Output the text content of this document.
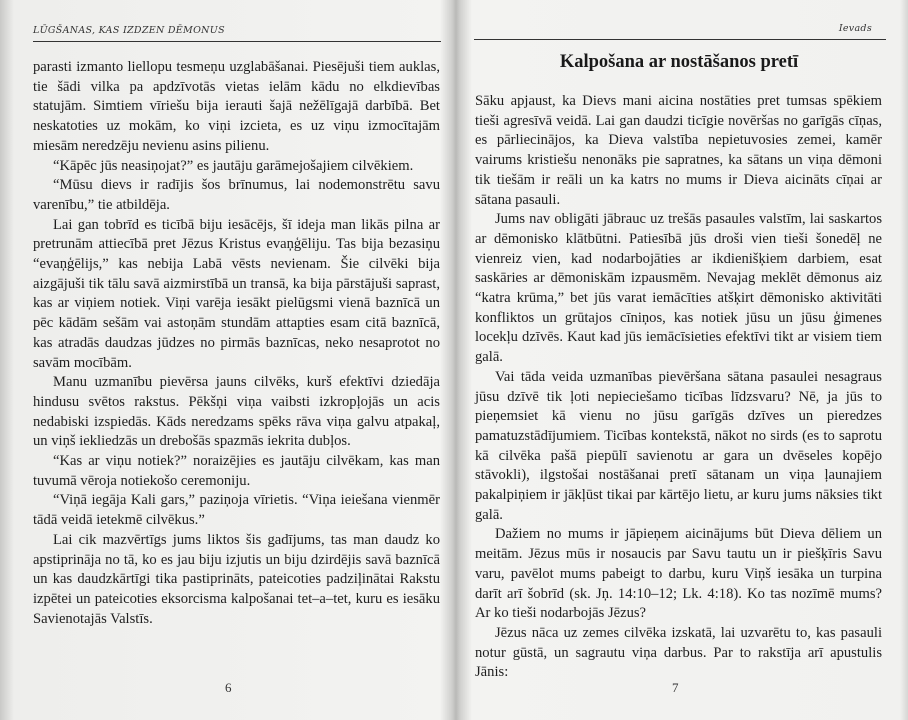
LŪGŠANAS, KAS IZDZEN DĒMONUS

parasti izmanto liellopu tesmeņu uzglabāšanai. Piesējuši tiem auklas, tie šādi vilka pa apdzīvotās vietas ielām kādu no elkdievības statujām. Simtiem vīriešu bija ierauti šajā nežēlīgajā darbībā. Bet neskatoties uz mokām, ko viņi izcieta, es uz viņu izmocītajām miesām neredzēju nevienu asins pilienu.

“Kāpēc jūs neasiņojat?” es jautāju garāmejošajiem cilvēkiem.

“Mūsu dievs ir radījis šos brīnumus, lai nodemonstrētu savu varenību,” tie atbildēja.

Lai gan tobrīd es ticībā biju iesācējs, šī ideja man likās pilna ar pretrunām attiecībā pret Jēzus Kristus evaņģēliju. Tas bija bezasiņu “evaņģēlijs,” kas nebija Labā vēsts nevienam. Šie cilvēki bija aizgājuši tik tālu savā aizmirstībā un transā, ka bija pārstājuši saprast, kas ar viņiem notiek. Viņi varēja iesākt pielūgsmi vienā baznīcā un pēc kādām sešām vai astoņām stundām attapties esam citā baznīcā, kas atradās daudzas jūdzes no pirmās baznīcas, neko nesaprotot no savām mocībām.

Manu uzmanību pievērsa jauns cilvēks, kurš efektīvi dziedāja hindusu svētos rakstus. Pēkšņi viņa vaibsti izkropļojās un acis nedabiski izspiedās. Kāds neredzams spēks rāva viņa galvu atpakaļ, un viņš iekliedzās un drebošās spazmās iekrita dubļos.

“Kas ar viņu notiek?” noraizējies es jautāju cilvēkam, kas man tuvumā vēroja notiekošo ceremoniju.

“Viņā iegāja Kali gars,” paziņoja vīrietis. “Viņa ieiešana vienmēr tādā veidā ietekmē cilvēkus.”

Lai cik mazvērtīgs jums liktos šis gadījums, tas man daudz ko apstiprināja no tā, ko es jau biju izjutis un biju dzirdējis savā baznīcā un kas daudzkārtīgi tika pastiprināts, pateicoties padziļinātai Rakstu izpētei un pateicoties eksorcisma kalpošanai tet–a–tet, kuru es iesāku Savienotajās Valstīs.

6
Ievads
Kalpošana ar nostāšanos pretī

Sāku apjaust, ka Dievs mani aicina nostāties pret tumsas spēkiem tieši agresīvā veidā. Lai gan daudzi ticīgie novēršas no garīgās cīņas, es pārliecinājos, ka Dieva valstība nepietuvosies zemei, kamēr vairums kristiešu nenonāks pie sapratnes, ka sātans un viņa dēmoni tik tiešām ir reāli un ka katrs no mums ir Dieva aicināts cīņai ar sātana pasauli.

Jums nav obligāti jābrauc uz trešās pasaules valstīm, lai saskartos ar dēmonisko klātbūtni. Patiesībā jūs droši vien tieši šonedēļ ne vienreiz vien, kad nodarbojāties ar ikdienišķiem darbiem, esat saskāries ar dēmoniskām izpausmēm. Nevajag meklēt dēmonus aiz “katra krūma,” bet jūs varat iemācīties atšķirt dēmonisko aktivitāti konfliktos un grūtajos cīniņos, kas notiek jūsu un jūsu ģimenes locekļu dzīvēs. Kaut kad jūs iemācīsieties efektīvi tikt ar visiem tiem galā.

Vai tāda veida uzmanības pievēršana sātana pasaulei nesagraus jūsu dzīvē tik ļoti nepieciešamo ticības līdzsvaru? Nē, ja jūs to pieņemsiet kā vienu no jūsu garīgās dzīves un pieredzes pamatuzstādījumiem. Ticības kontekstā, nākot no sirds (es to saprotu kā cilvēka pašā piepūlī savienotu ar gara un dvēseles kopējo stāvokli), ilgstošai nostāšanai pretī sātanam un viņa ļaunajiem pakalpiņiem ir jākļūst tikai par kārtējo lietu, ar kuru jums nāksies tikt galā.

Dažiem no mums ir jāpieņem aicinājums būt Dieva dēliem un meitām. Jēzus mūs ir nosaucis par Savu tautu un ir piešķīris Savu varu, pavēlot mums pabeigt to darbu, kuru Viņš iesāka un turpina darīt arī šobrīd (sk. Jņ. 14:10–12; Lk. 4:18). Ko tas nozīmē mums? Ar ko tieši nodarbojās Jēzus?

Jēzus nāca uz zemes cilvēka izskatā, lai uzvarētu to, kas pasauli notur gūstā, un sagrautu viņa darbus. Par to rakstīja arī apustulis Jānis:

7
